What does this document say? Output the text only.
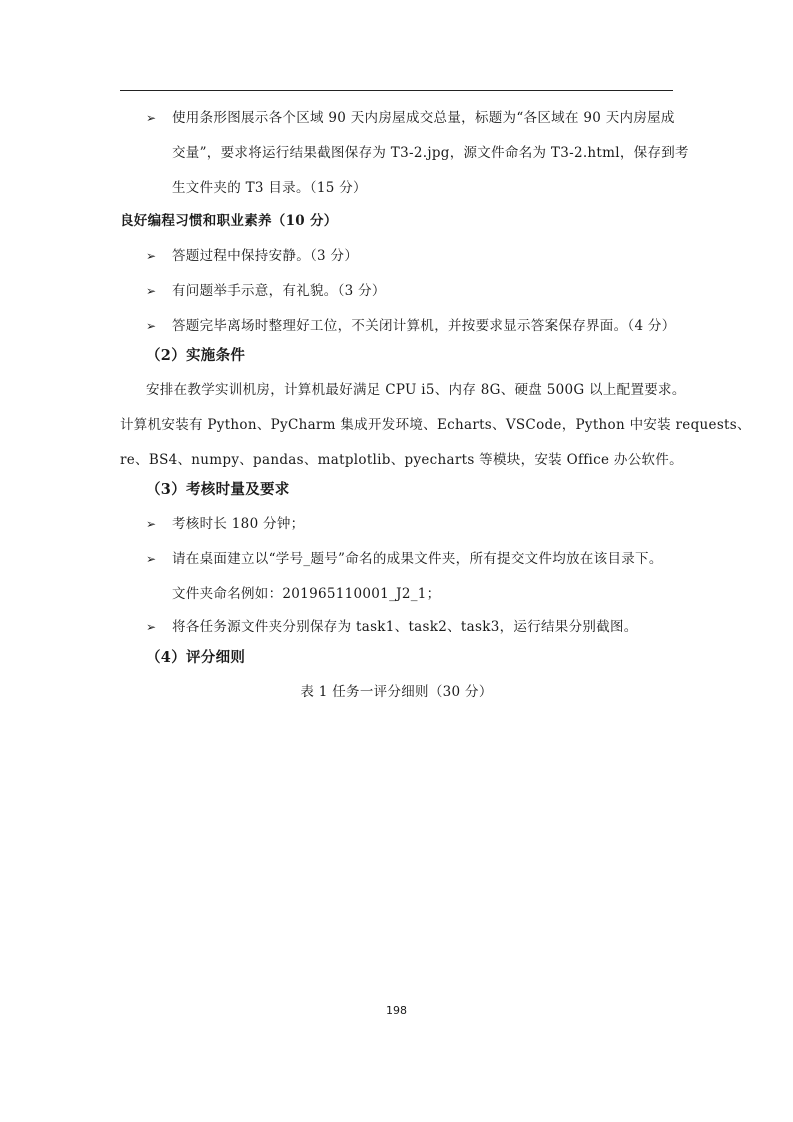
➢ 使用条形图展示各个区域 90 天内房屋成交总量，标题为“各区域在 90 天内房屋成
交量”，要求将运行结果截图保存为 T3-2.jpg，源文件命名为 T3-2.html，保存到考
生文件夹的 T3 目录。（15 分）
良好编程习惯和职业素养（10 分）
➢ 答题过程中保持安静。（3 分）
➢ 有问题举手示意，有礼貌。（3 分）
➢ 答题完毕离场时整理好工位，不关闭计算机，并按要求显示答案保存界面。（4 分）
（2）实施条件
安排在教学实训机房，计算机最好满足 CPU i5、内存 8G、硬盘 500G 以上配置要求。
计算机安装有 Python、PyCharm 集成开发环境、Echarts、VSCode，Python 中安装 requests、
re、BS4、numpy、pandas、matplotlib、pyecharts 等模块，安装 Office 办公软件。
（3）考核时量及要求
➢ 考核时长 180 分钟；
➢ 请在桌面建立以“学号_题号”命名的成果文件夹，所有提交文件均放在该目录下。
文件夹命名例如：201965110001_J2_1；
➢ 将各任务源文件夹分别保存为 task1、task2、task3，运行结果分别截图。
（4）评分细则
表 1 任务一评分细则（30 分）
198
